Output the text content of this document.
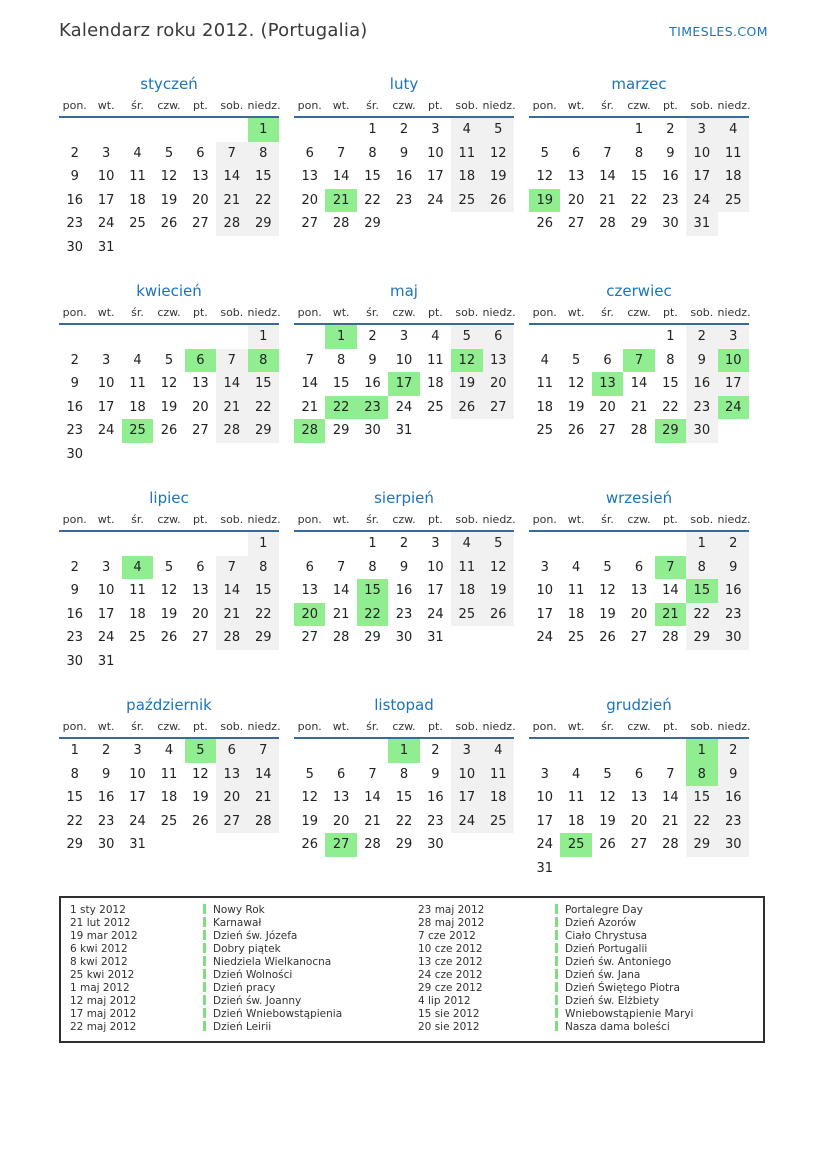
Kalendarz roku 2012. (Portugalia)	TIMESLES.COM
styczeń
pon.	wt.	śr.	czw.	pt.	sob.	niedz.
						1
2	3	4	5	6	7	8
9	10	11	12	13	14	15
16	17	18	19	20	21	22
23	24	25	26	27	28	29
30	31					
luty
pon.	wt.	śr.	czw.	pt.	sob.	niedz.
		1	2	3	4	5
6	7	8	9	10	11	12
13	14	15	16	17	18	19
20	21	22	23	24	25	26
27	28	29				
marzec
pon.	wt.	śr.	czw.	pt.	sob.	niedz.
			1	2	3	4
5	6	7	8	9	10	11
12	13	14	15	16	17	18
19	20	21	22	23	24	25
26	27	28	29	30	31	
kwiecień
pon.	wt.	śr.	czw.	pt.	sob.	niedz.
						1
2	3	4	5	6	7	8
9	10	11	12	13	14	15
16	17	18	19	20	21	22
23	24	25	26	27	28	29
30						
maj
pon.	wt.	śr.	czw.	pt.	sob.	niedz.
	1	2	3	4	5	6
7	8	9	10	11	12	13
14	15	16	17	18	19	20
21	22	23	24	25	26	27
28	29	30	31			
czerwiec
pon.	wt.	śr.	czw.	pt.	sob.	niedz.
				1	2	3
4	5	6	7	8	9	10
11	12	13	14	15	16	17
18	19	20	21	22	23	24
25	26	27	28	29	30	
lipiec
pon.	wt.	śr.	czw.	pt.	sob.	niedz.
						1
2	3	4	5	6	7	8
9	10	11	12	13	14	15
16	17	18	19	20	21	22
23	24	25	26	27	28	29
30	31					
sierpień
pon.	wt.	śr.	czw.	pt.	sob.	niedz.
		1	2	3	4	5
6	7	8	9	10	11	12
13	14	15	16	17	18	19
20	21	22	23	24	25	26
27	28	29	30	31		
wrzesień
pon.	wt.	śr.	czw.	pt.	sob.	niedz.
					1	2
3	4	5	6	7	8	9
10	11	12	13	14	15	16
17	18	19	20	21	22	23
24	25	26	27	28	29	30
październik
pon.	wt.	śr.	czw.	pt.	sob.	niedz.
1	2	3	4	5	6	7
8	9	10	11	12	13	14
15	16	17	18	19	20	21
22	23	24	25	26	27	28
29	30	31				
listopad
pon.	wt.	śr.	czw.	pt.	sob.	niedz.
			1	2	3	4
5	6	7	8	9	10	11
12	13	14	15	16	17	18
19	20	21	22	23	24	25
26	27	28	29	30		
grudzień
pon.	wt.	śr.	czw.	pt.	sob.	niedz.
					1	2
3	4	5	6	7	8	9
10	11	12	13	14	15	16
17	18	19	20	21	22	23
24	25	26	27	28	29	30
31						
1 sty 2012	Nowy Rok	23 maj 2012	Portalegre Day
21 lut 2012	Karnawał	28 maj 2012	Dzień Azorów
19 mar 2012	Dzień św. Józefa	7 cze 2012	Ciało Chrystusa
6 kwi 2012	Dobry piątek	10 cze 2012	Dzień Portugalii
8 kwi 2012	Niedziela Wielkanocna	13 cze 2012	Dzień św. Antoniego
25 kwi 2012	Dzień Wolności	24 cze 2012	Dzień św. Jana
1 maj 2012	Dzień pracy	29 cze 2012	Dzień Świętego Piotra
12 maj 2012	Dzień św. Joanny	4 lip 2012	Dzień św. Elżbiety
17 maj 2012	Dzień Wniebowstąpienia	15 sie 2012	Wniebowstąpienie Maryi
22 maj 2012	Dzień Leirii	20 sie 2012	Nasza dama boleści
